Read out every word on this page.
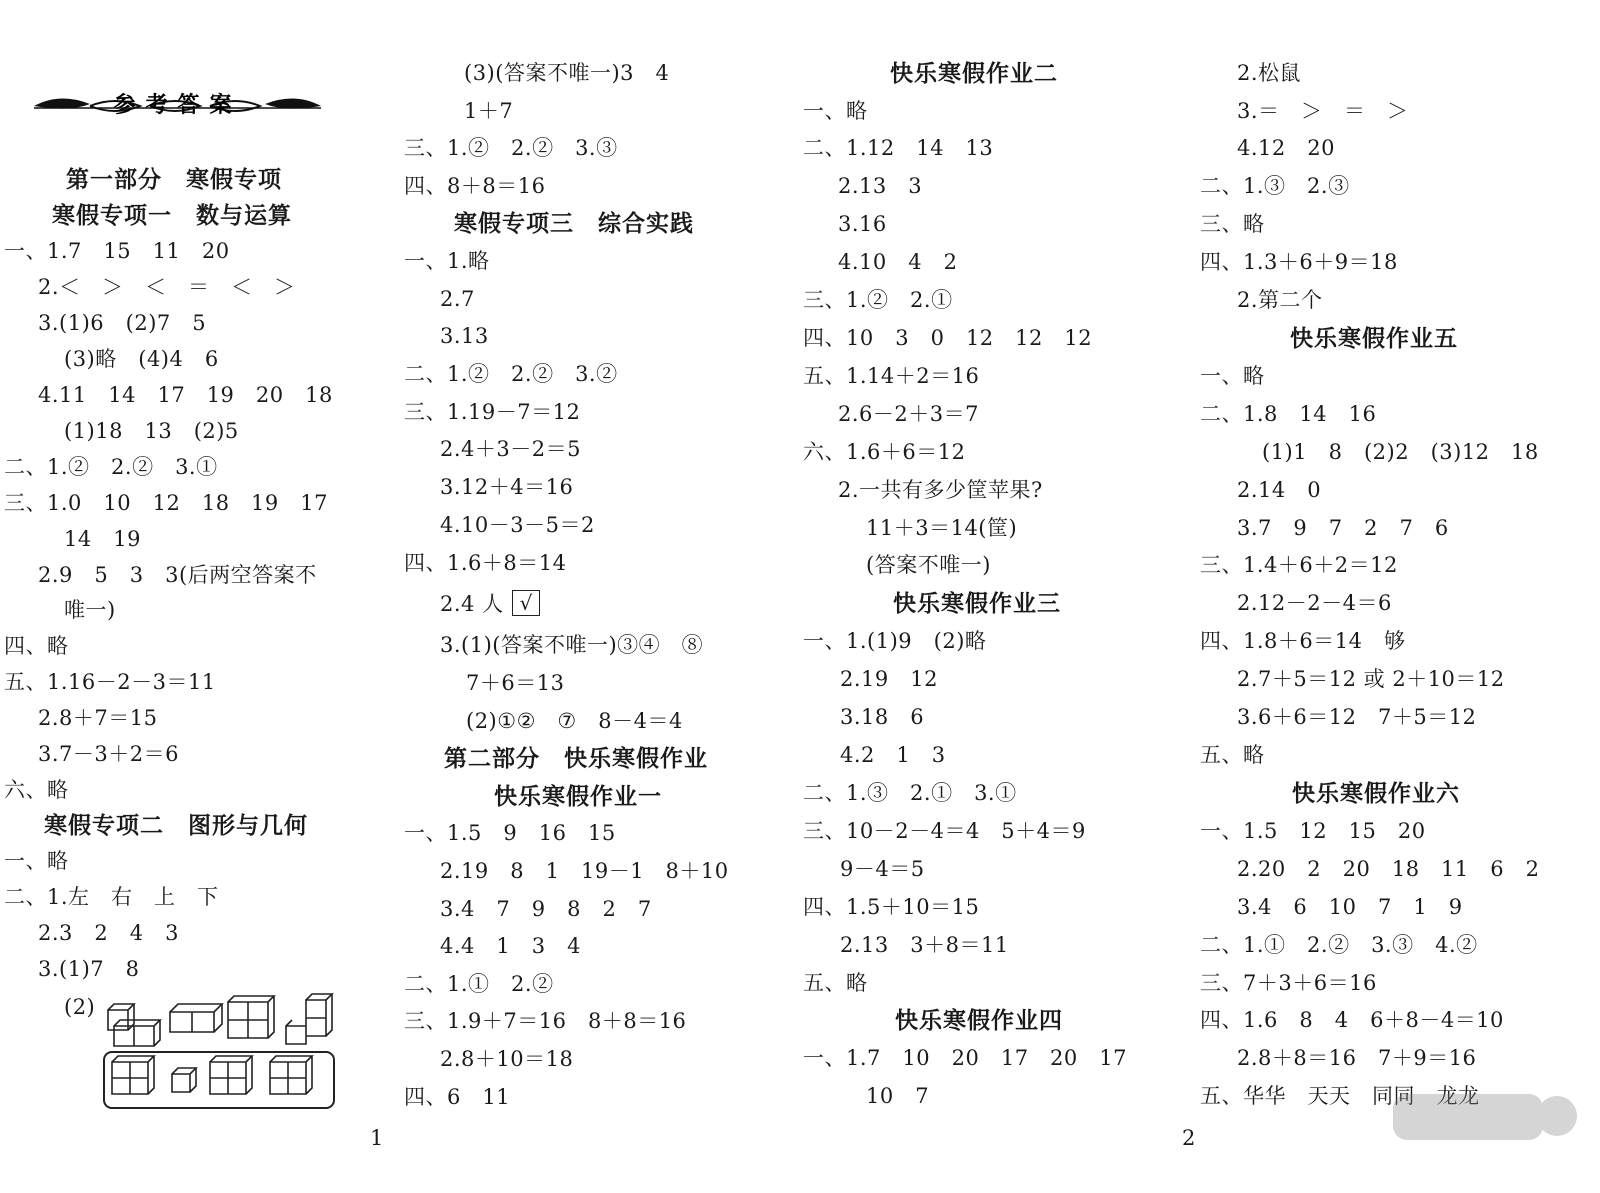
参考答案
第一部分　寒假专项
寒假专项一　数与运算
一、1.7　15　11　20
2.＜　＞　＜　＝　＜　＞
3.(1)6　(2)7　5
(3)略　(4)4　6
4.11　14　17　19　20　18
(1)18　13　(2)5
二、1.②　2.②　3.①
三、1.0　10　12　18　19　17
14　19
2.9　5　3　3(后两空答案不
唯一)
四、略
五、1.16－2－3＝11
2.8＋7＝15
3.7－3＋2＝6
六、略
寒假专项二　图形与几何
一、略
二、1.左　右　上　下
2.3　2　4　3
3.(1)7　8
(2)
(3)(答案不唯一)3　4
1＋7
三、1.②　2.②　3.③
四、8＋8＝16
寒假专项三　综合实践
一、1.略
2.7
3.13
二、1.②　2.②　3.②
三、1.19－7＝12
2.4＋3－2＝5
3.12＋4＝16
4.10－3－5＝2
四、1.6＋8＝14
2.4 人
3.(1)(答案不唯一)③④　⑧
7＋6＝13
(2)①②　⑦　8－4＝4
第二部分　快乐寒假作业
快乐寒假作业一
一、1.5　9　16　15
2.19　8　1　19－1　8＋10
3.4　7　9　8　2　7
4.4　1　3　4
二、1.①　2.②
三、1.9＋7＝16　8＋8＝16
2.8＋10＝18
四、6　11
快乐寒假作业二
一、略
二、1.12　14　13
2.13　3
3.16
4.10　4　2
三、1.②　2.①
四、10　3　0　12　12　12
五、1.14＋2＝16
2.6－2＋3＝7
六、1.6＋6＝12
2.一共有多少筐苹果?
11＋3＝14(筐)
(答案不唯一)
快乐寒假作业三
一、1.(1)9　(2)略
2.19　12
3.18　6
4.2　1　3
二、1.③　2.①　3.①
三、10－2－4＝4　5＋4＝9
9－4＝5
四、1.5＋10＝15
2.13　3＋8＝11
五、略
快乐寒假作业四
一、1.7　10　20　17　20　17
10　7
2.松鼠
3.＝　＞　＝　＞
4.12　20
二、1.③　2.③
三、略
四、1.3＋6＋9＝18
2.第二个
快乐寒假作业五
一、略
二、1.8　14　16
(1)1　8　(2)2　(3)12　18
2.14　0
3.7　9　7　2　7　6
三、1.4＋6＋2＝12
2.12－2－4＝6
四、1.8＋6＝14　够
2.7＋5＝12 或 2＋10＝12
3.6＋6＝12　7＋5＝12
五、略
快乐寒假作业六
一、1.5　12　15　20
2.20　2　20　18　11　6　2
3.4　6　10　7　1　9
二、1.①　2.②　3.③　4.②
三、7＋3＋6＝16
四、1.6　8　4　6＋8－4＝10
2.8＋8＝16　7＋9＝16
五、华华　天天　同同　龙龙
√
1	2
